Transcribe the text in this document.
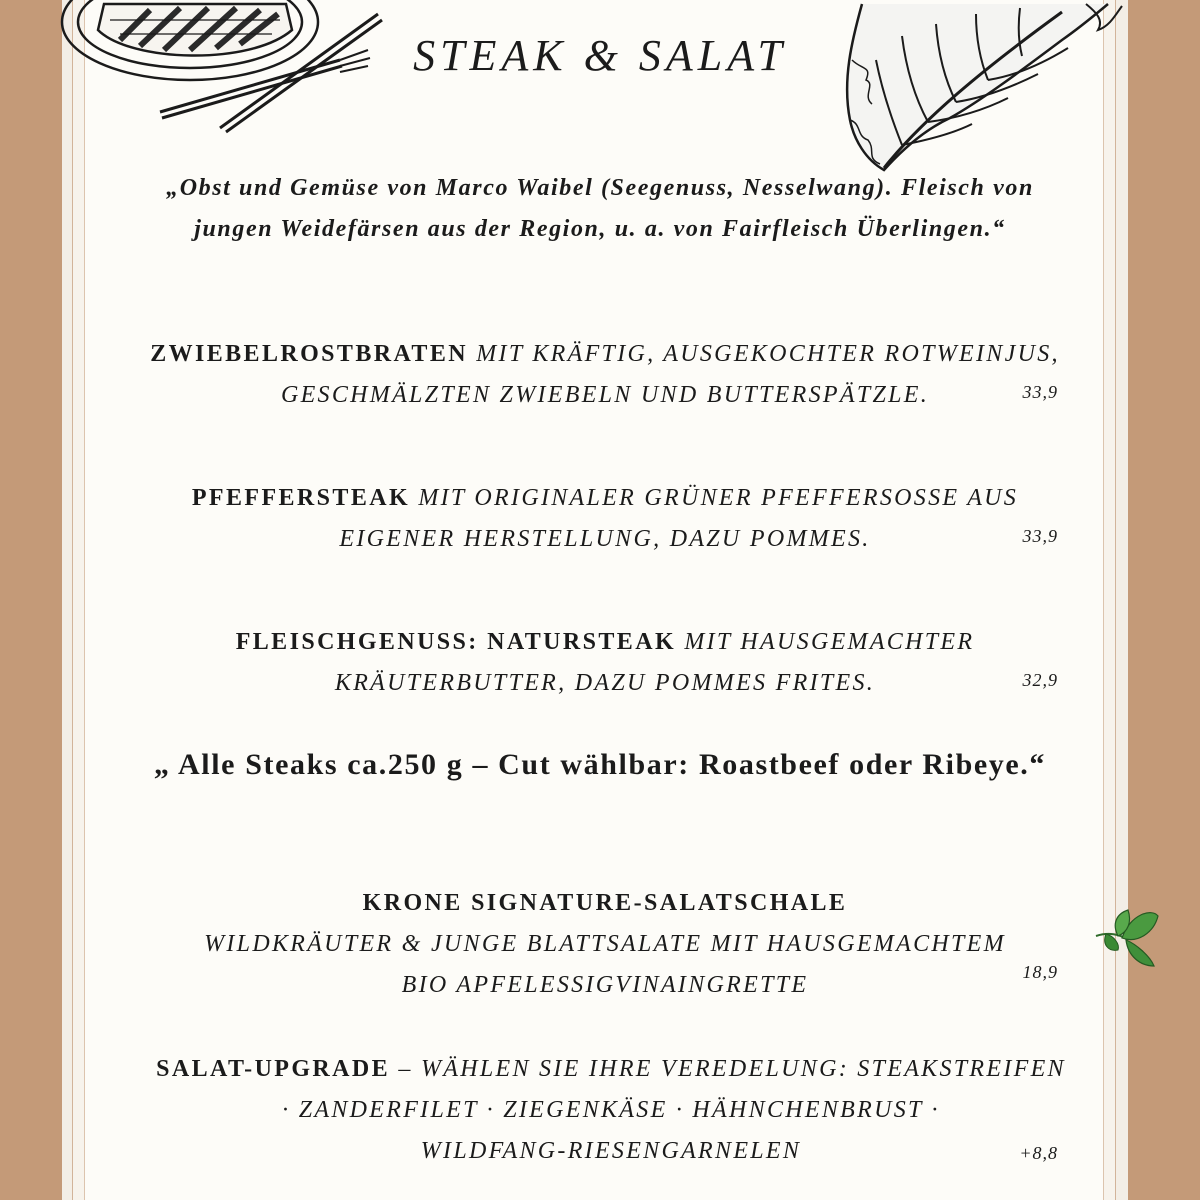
STEAK & SALAT
„Obst und Gemüse von Marco Waibel (Seegenuss, Nesselwang). Fleisch von
jungen Weidefärsen aus der Region, u. a. von Fairfleisch Überlingen.“
ZWIEBELROSTBRATEN MIT KRÄFTIG, AUSGEKOCHTER ROTWEINJUS,
GESCHMÄLZTEN ZWIEBELN UND BUTTERSPÄTZLE.	33,9
PFEFFERSTEAK MIT ORIGINALER GRÜNER PFEFFERSOSSE AUS
EIGENER HERSTELLUNG, DAZU POMMES.	33,9
FLEISCHGENUSS: NATURSTEAK MIT HAUSGEMACHTER
KRÄUTERBUTTER, DAZU POMMES FRITES.	32,9
„ Alle Steaks ca.250 g – Cut wählbar: Roastbeef oder Ribeye.“
KRONE SIGNATURE-SALATSCHALE
WILDKRÄUTER & JUNGE BLATTSALATE MIT HAUSGEMACHTEM
BIO APFELESSIGVINAINGRETTE	18,9
SALAT-UPGRADE – WÄHLEN SIE IHRE VEREDELUNG: STEAKSTREIFEN
· ZANDERFILET · ZIEGENKÄSE · HÄHNCHENBRUST ·
WILDFANG-RIESENGARNELEN	+8,8
